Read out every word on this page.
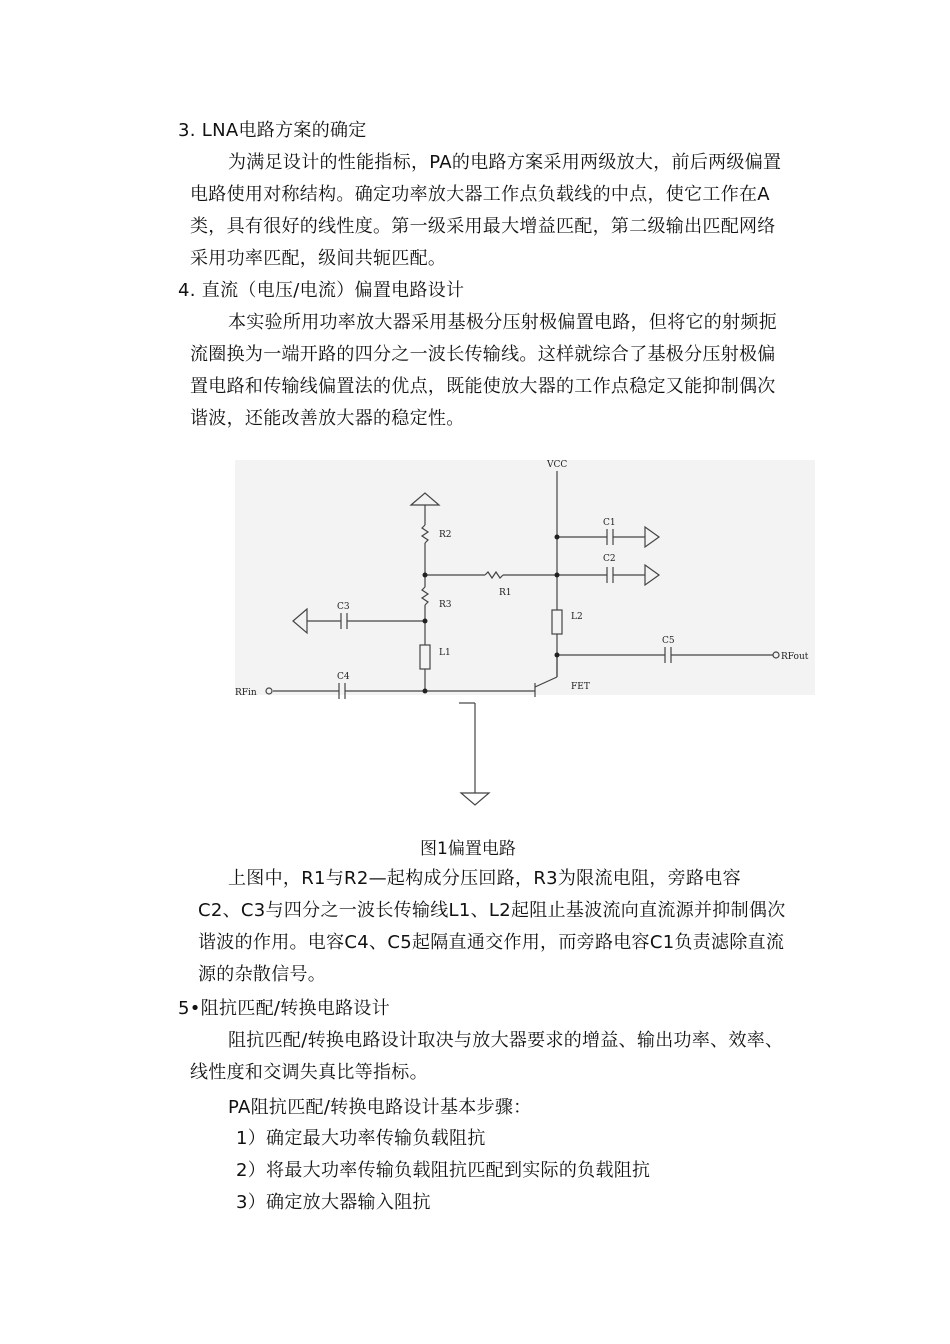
3. LNA电路方案的确定
为满足设计的性能指标，PA的电路方案采用两级放大，前后两级偏置
电路使用对称结构。确定功率放大器工作点负载线的中点，使它工作在A
类，具有很好的线性度。第一级采用最大增益匹配，第二级输出匹配网络
采用功率匹配，级间共轭匹配。
4. 直流（电压/电流）偏置电路设计
本实验所用功率放大器采用基极分压射极偏置电路，但将它的射频扼
流圈换为一端开路的四分之一波长传输线。这样就综合了基极分压射极偏
置电路和传输线偏置法的优点，既能使放大器的工作点稳定又能抑制偶次
谐波，还能改善放大器的稳定性。
VCC
R2
R3
R1
L1
L2
C1
C2
C3
C4
C5
FET
RFin
RFout
图1偏置电路
上图中，R1与R2—起构成分压回路，R3为限流电阻，旁路电容
C2、C3与四分之一波长传输线L1、L2起阻止基波流向直流源并抑制偶次
谐波的作用。电容C4、C5起隔直通交作用，而旁路电容C1负责滤除直流
源的杂散信号。
5•阻抗匹配/转换电路设计
阻抗匹配/转换电路设计取决与放大器要求的增益、输出功率、效率、
线性度和交调失真比等指标。
PA阻抗匹配/转换电路设计基本步骤：
1）确定最大功率传输负载阻抗
2）将最大功率传输负载阻抗匹配到实际的负载阻抗
3）确定放大器输入阻抗
